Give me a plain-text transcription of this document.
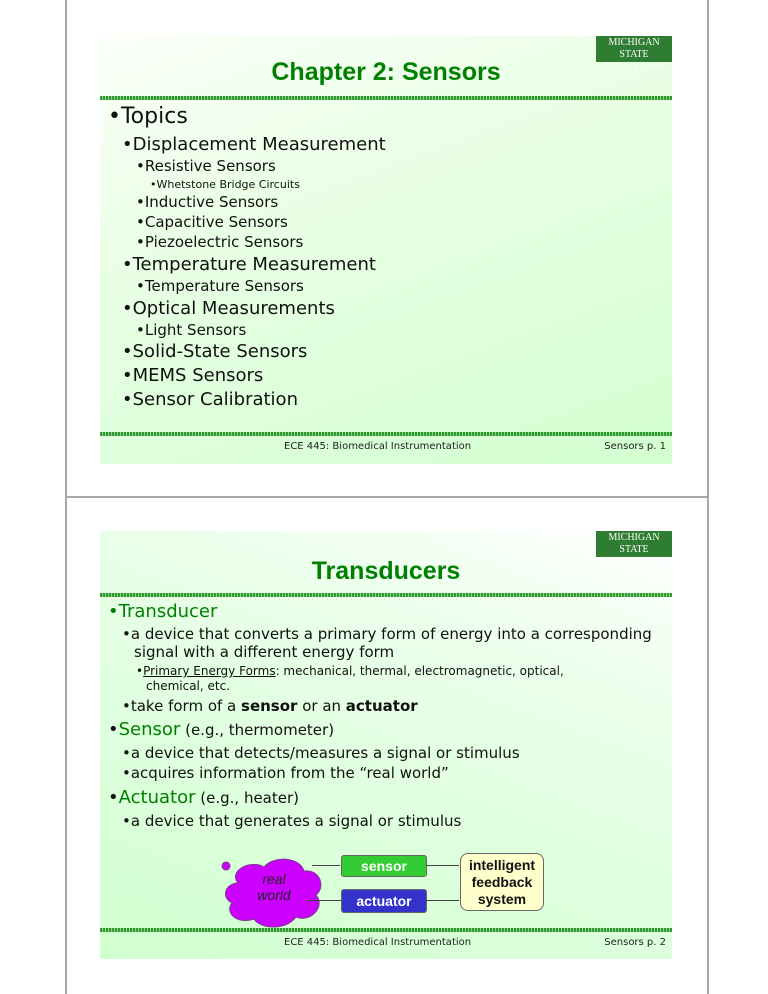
MICHIGAN STATE
UNIVERSITY
Chapter 2: Sensors
• Topics
• Displacement Measurement
• Resistive Sensors
• Whetstone Bridge Circuits
• Inductive Sensors
• Capacitive Sensors
• Piezoelectric Sensors
• Temperature Measurement
• Temperature Sensors
• Optical Measurements
• Light Sensors
• Solid-State Sensors
• MEMS Sensors
• Sensor Calibration
ECE 445: Biomedical Instrumentation	Sensors p. 1
MICHIGAN STATE
UNIVERSITY
Transducers
• Transducer
• a device that converts a primary form of energy into a corresponding
signal with a different energy form
• Primary Energy Forms: mechanical, thermal, electromagnetic, optical,
chemical, etc.
• take form of a sensor or an actuator
• Sensor (e.g., thermometer)
• a device that detects/measures a signal or stimulus
• acquires information from the “real world”
• Actuator (e.g., heater)
• a device that generates a signal or stimulus
real
world
sensor
actuator
intelligent
feedback
system
ECE 445: Biomedical Instrumentation	Sensors p. 2
